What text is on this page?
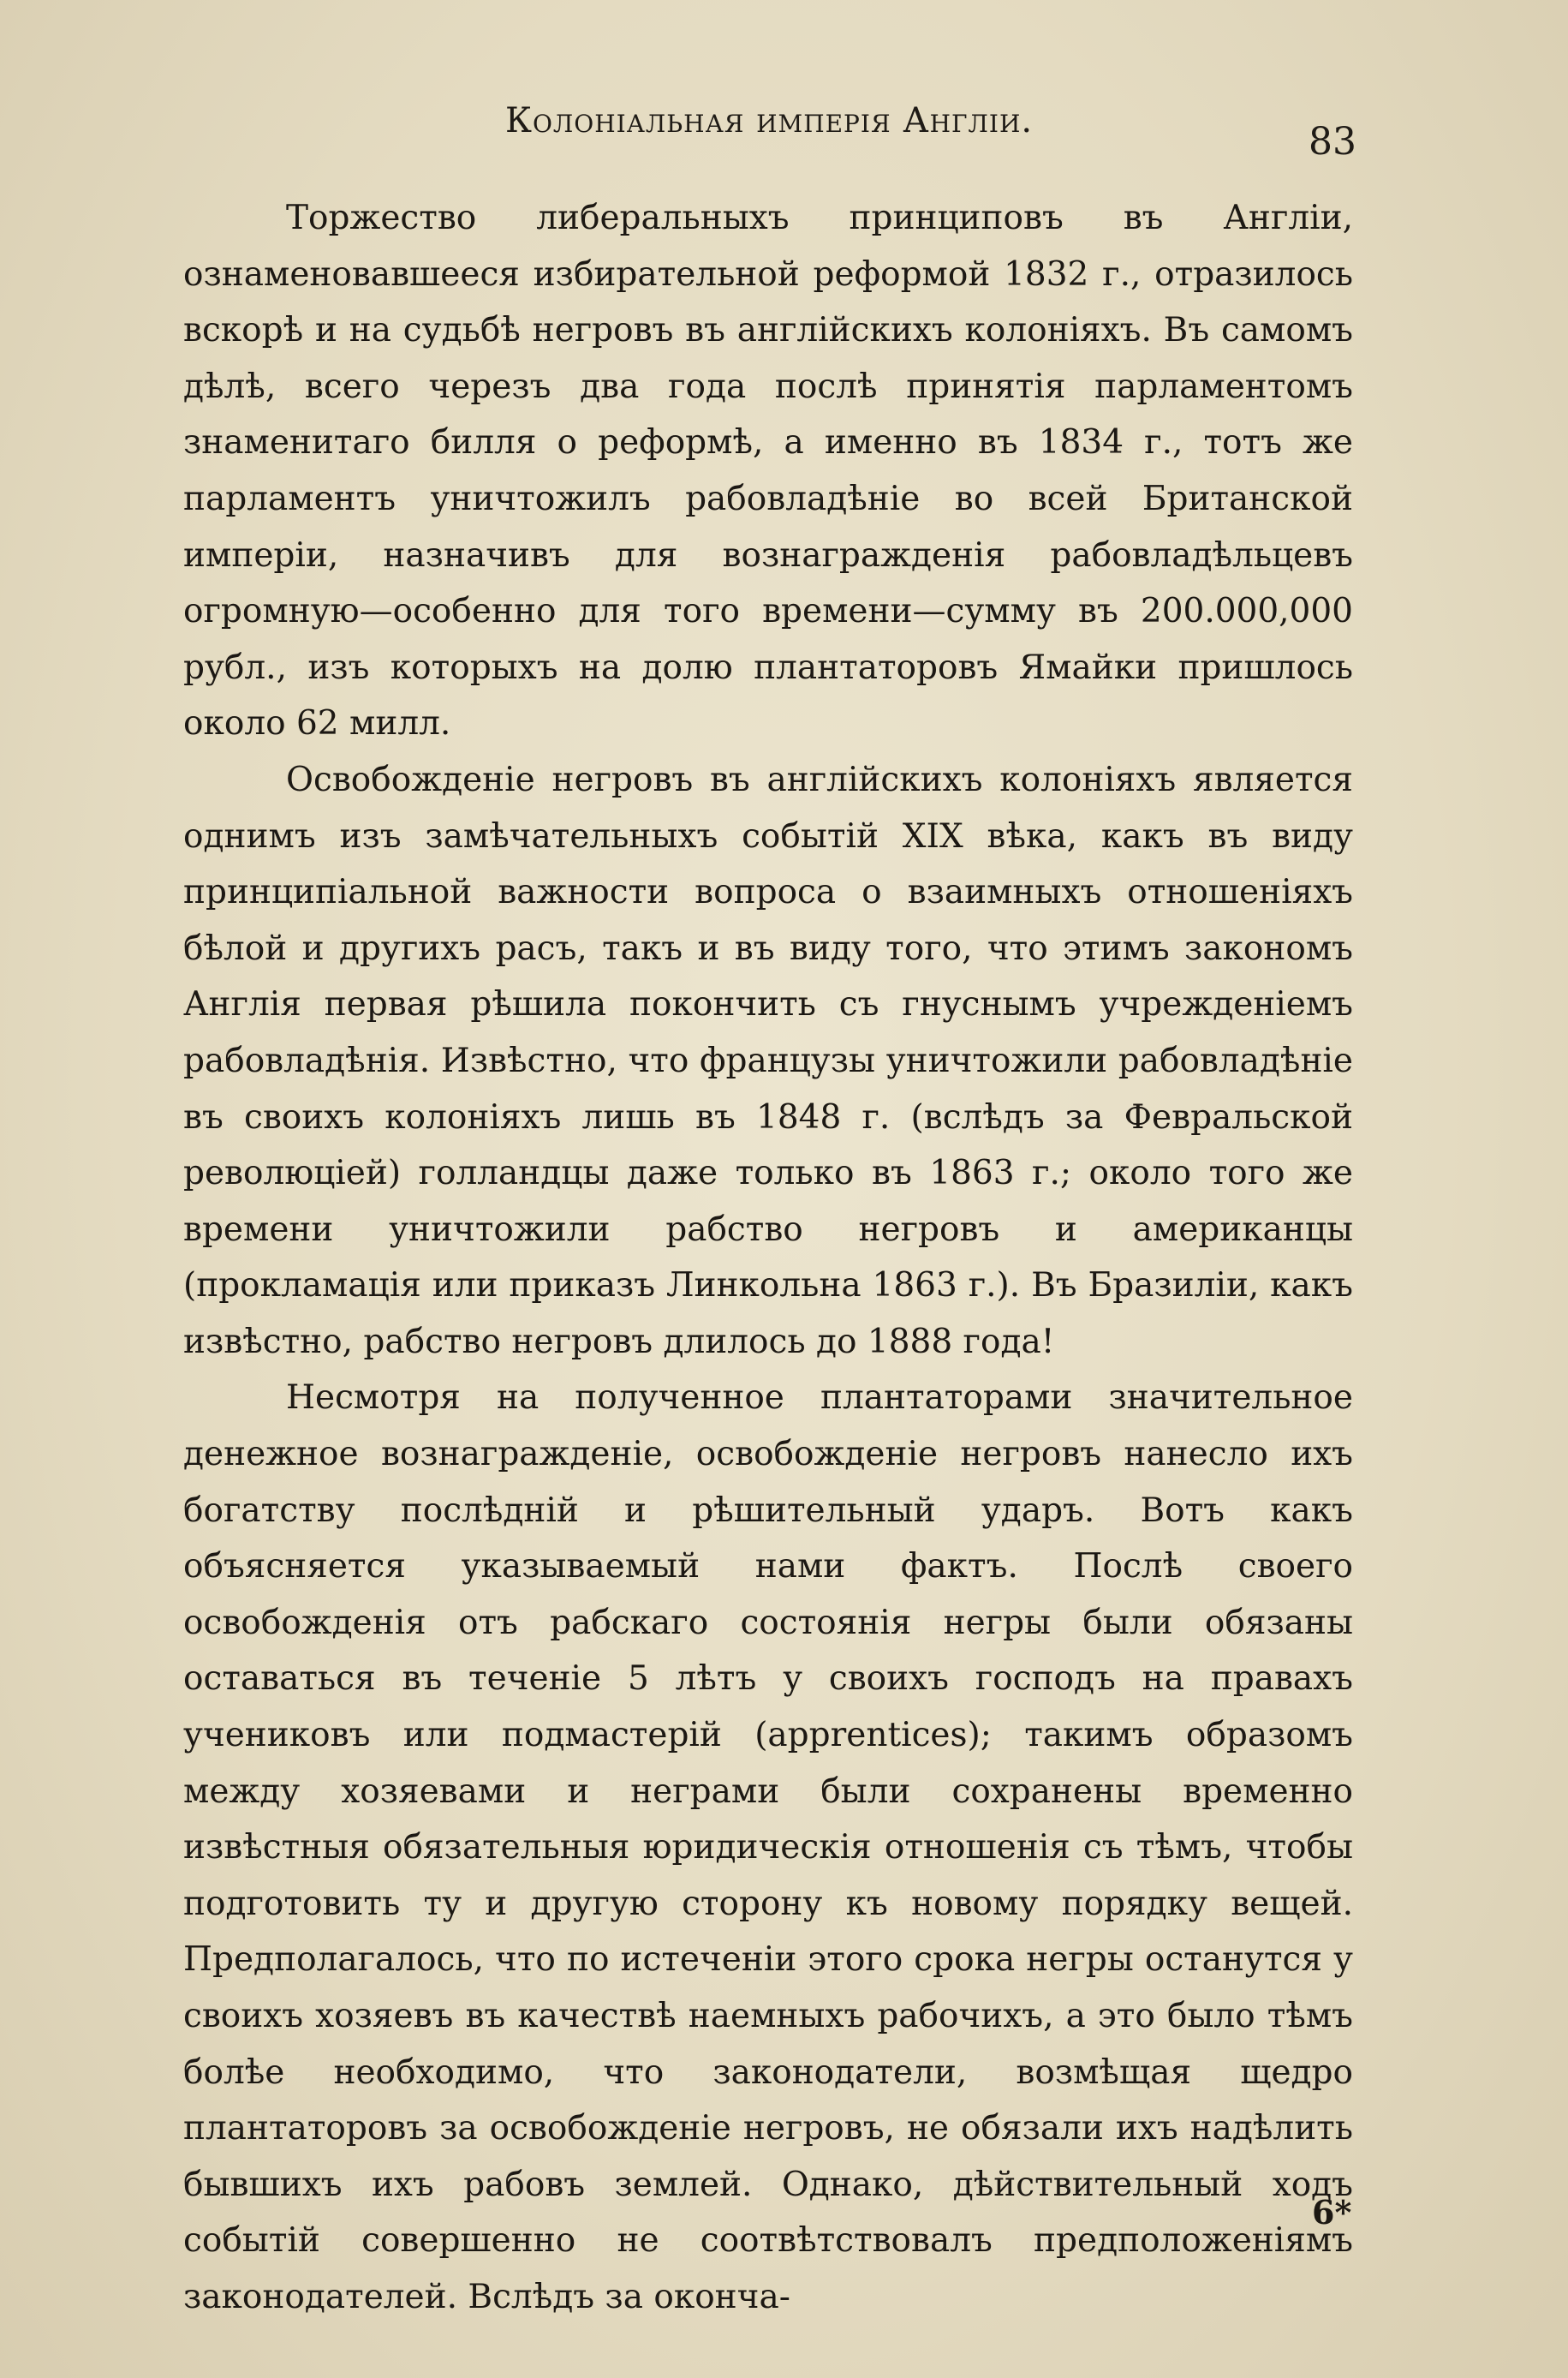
Колоніальная имперія Англіи.	83

Торжество либеральныхъ принциповъ въ Англіи, ознаменовавшееся избирательной реформой 1832 г., отразилось вскорѣ и на судьбѣ негровъ въ англійскихъ колоніяхъ. Въ самомъ дѣлѣ, всего черезъ два года послѣ принятія парламентомъ знаменитаго билля о реформѣ, а именно въ 1834 г., тотъ же парламентъ уничтожилъ рабовладѣніе во всей Британской имперіи, назначивъ для вознагражденія рабовладѣльцевъ огромную—особенно для того времени—сумму въ 200.000,000 рубл., изъ которыхъ на долю плантаторовъ Ямайки пришлось около 62 милл.

Освобожденіе негровъ въ англійскихъ колоніяхъ является однимъ изъ замѣчательныхъ событій XIX вѣка, какъ въ виду принципіальной важности вопроса о взаимныхъ отношеніяхъ бѣлой и другихъ расъ, такъ и въ виду того, что этимъ закономъ Англія первая рѣшила покончить съ гнуснымъ учрежденіемъ рабовладѣнія. Извѣстно, что французы уничтожили рабовладѣніе въ своихъ колоніяхъ лишь въ 1848 г. (вслѣдъ за Февральской революціей) голландцы даже только въ 1863 г.; около того же времени уничтожили рабство негровъ и американцы (прокламація или приказъ Линкольна 1863 г.). Въ Бразиліи, какъ извѣстно, рабство негровъ длилось до 1888 года!

Несмотря на полученное плантаторами значительное денежное вознагражденіе, освобожденіе негровъ нанесло ихъ богатству послѣдній и рѣшительный ударъ. Вотъ какъ объясняется указываемый нами фактъ. Послѣ своего освобожденія отъ рабскаго состоянія негры были обязаны оставаться въ теченіе 5 лѣтъ у своихъ господъ на правахъ учениковъ или подмастерій (apprentices); такимъ образомъ между хозяевами и неграми были сохранены временно извѣстныя обязательныя юридическія отношенія съ тѣмъ, чтобы подготовить ту и другую сторону къ новому порядку вещей. Предполагалось, что по истеченіи этого срока негры останутся у своихъ хозяевъ въ качествѣ наемныхъ рабочихъ, а это было тѣмъ болѣе необходимо, что законодатели, возмѣщая щедро плантаторовъ за освобожденіе негровъ, не обязали ихъ надѣлить бывшихъ ихъ рабовъ землей. Однако, дѣйствительный ходъ событій совершенно не соотвѣтствовалъ предположеніямъ законодателей. Вслѣдъ за оконча-

6*
